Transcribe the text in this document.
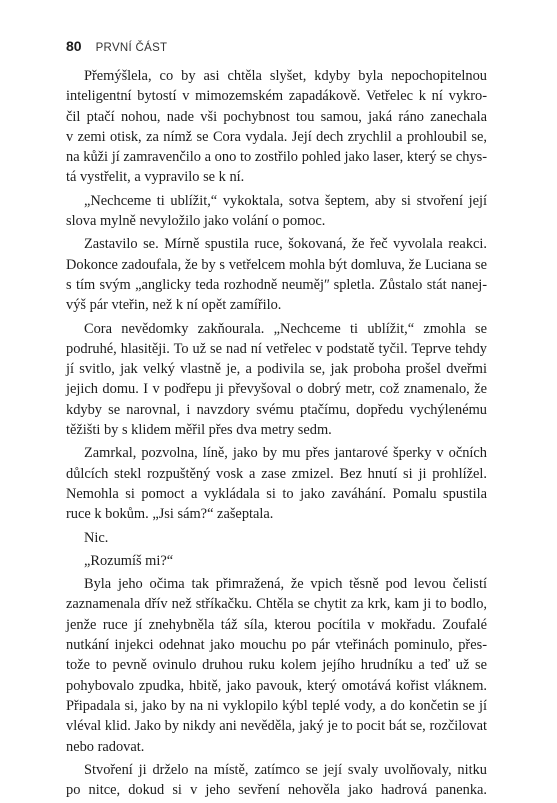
80 PRVNÍ ČÁST

Přemýšlela, co by asi chtěla slyšet, kdyby byla nepochopitelnou
inteligentní bytostí v mimozemském zapadákově. Vetřelec k ní vykro-
čil ptačí nohou, nade vši pochybnost tou samou, jaká ráno zanechala
v zemi otisk, za nímž se Cora vydala. Její dech zrychlil a prohloubil se,
na kůži jí zamravenčilo a ono to zostřilo pohled jako laser, který se chys-
tá vystřelit, a vypravilo se k ní.

„Nechceme ti ublížit,“ vykoktala, sotva šeptem, aby si stvoření její
slova mylně nevyložilo jako volání o pomoc.

Zastavilo se. Mírně spustila ruce, šokovaná, že řeč vyvolala reakci.
Dokonce zadoufala, že by s vetřelcem mohla být domluva, že Luciana se
s tím svým „anglicky teda rozhodně neumějʺ spletla. Zůstalo stát nanej-
výš pár vteřin, než k ní opět zamířilo.

Cora nevědomky zakňourala. „Nechceme ti ublížit,“ zmohla se
podruhé, hlasitěji. To už se nad ní vetřelec v podstatě tyčil. Teprve tehdy
jí svitlo, jak velký vlastně je, a podivila se, jak proboha prošel dveřmi
jejich domu. I v podřepu ji převyšoval o dobrý metr, což znamenalo, že
kdyby se narovnal, i navzdory svému ptačímu, dopředu vychýlenému
těžišti by s klidem měřil přes dva metry sedm.

Zamrkal, pozvolna, líně, jako by mu přes jantarové šperky v očních
důlcích stekl rozpuštěný vosk a zase zmizel. Bez hnutí si ji prohlížel.
Nemohla si pomoct a vykládala si to jako zaváhání. Pomalu spustila
ruce k bokům. „Jsi sám?“ zašeptala.

Nic.

„Rozumíš mi?“

Byla jeho očima tak přimražená, že vpich těsně pod levou čelistí
zaznamenala dřív než stříkačku. Chtěla se chytit za krk, kam ji to bodlo,
jenže ruce jí znehybněla táž síla, kterou pocítila v mokřadu. Zoufalé
nutkání injekci odehnat jako mouchu po pár vteřinách pominulo, přes-
tože to pevně ovinulo druhou ruku kolem jejího hrudníku a teď už se
pohybovalo zpudka, hbitě, jako pavouk, který omotává kořist vláknem.
Připadala si, jako by na ni vyklopilo kýbl teplé vody, a do končetin se jí
vléval klid. Jako by nikdy ani nevěděla, jaký je to pocit bát se, rozčilovat
nebo radovat.

Stvoření ji drželo na místě, zatímco se její svaly uvolňovaly, nitku
po nitce, dokud si v jeho sevření nehověla jako hadrová panenka.
